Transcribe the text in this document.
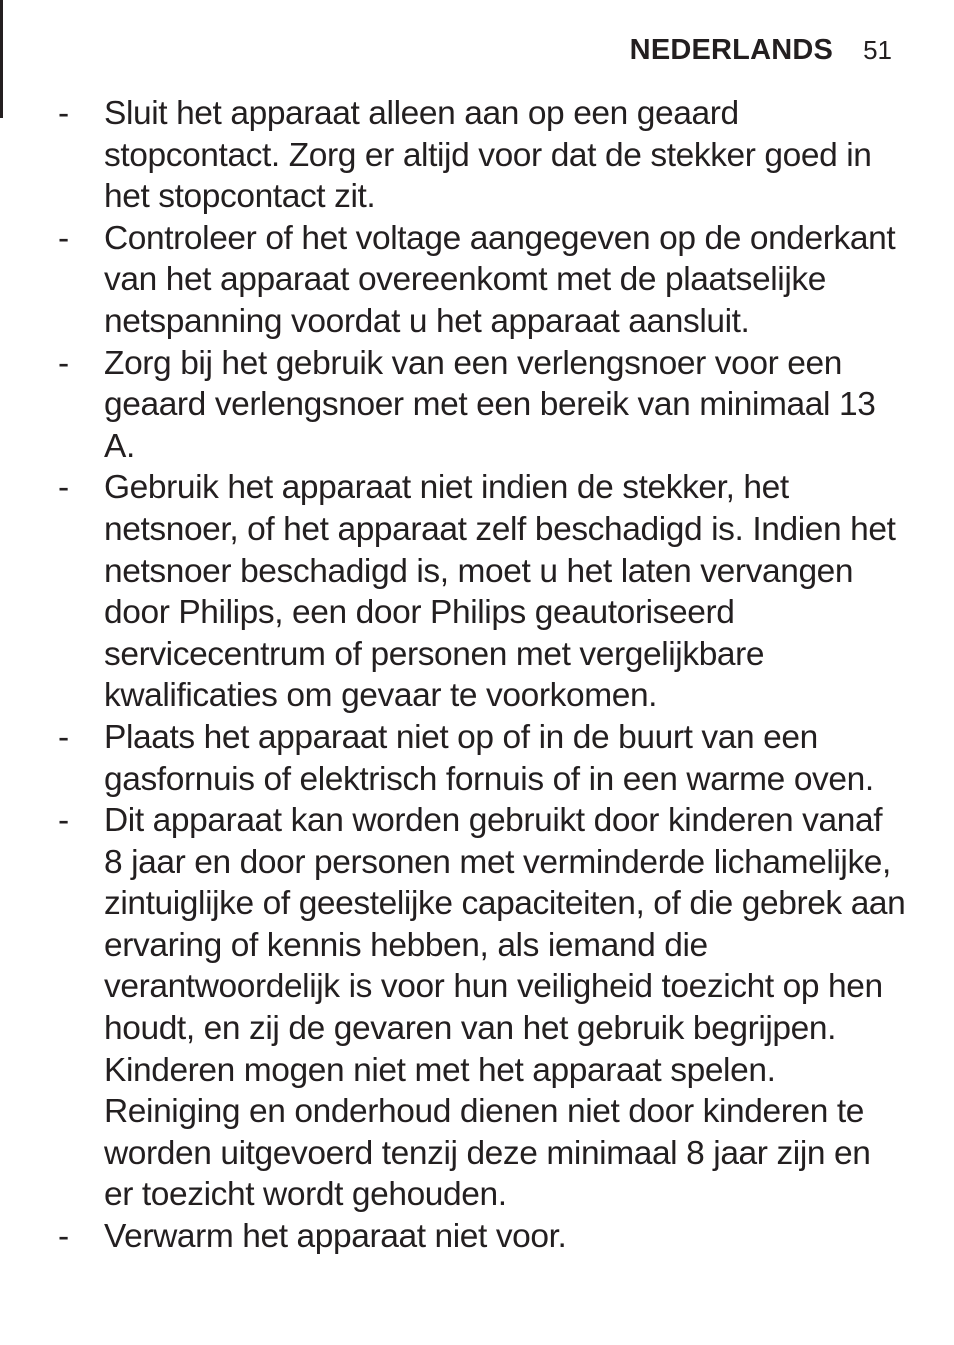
NEDERLANDS 51
-	Sluit het apparaat alleen aan op een geaard stopcontact. Zorg er altijd voor dat de stekker goed in het stopcontact zit.
-	Controleer of het voltage aangegeven op de onderkant van het apparaat overeenkomt met de plaatselijke netspanning voordat u het apparaat aansluit.
-	Zorg bij het gebruik van een verlengsnoer voor een geaard verlengsnoer met een bereik van minimaal 13 A.
-	Gebruik het apparaat niet indien de stekker, het netsnoer, of het apparaat zelf beschadigd is. Indien het netsnoer beschadigd is, moet u het laten vervangen door Philips, een door Philips geautoriseerd servicecentrum of personen met vergelijkbare kwalificaties om gevaar te voorkomen.
-	Plaats het apparaat niet op of in de buurt van een gasfornuis of elektrisch fornuis of in een warme oven.
-	Dit apparaat kan worden gebruikt door kinderen vanaf 8 jaar en door personen met verminderde lichamelijke, zintuiglijke of geestelijke capaciteiten, of die gebrek aan ervaring of kennis hebben, als iemand die verantwoordelijk is voor hun veiligheid toezicht op hen houdt, en zij de gevaren van het gebruik begrijpen. Kinderen mogen niet met het apparaat spelen. Reiniging en onderhoud dienen niet door kinderen te worden uitgevoerd tenzij deze minimaal 8 jaar zijn en er toezicht wordt gehouden.
-	Verwarm het apparaat niet voor.
